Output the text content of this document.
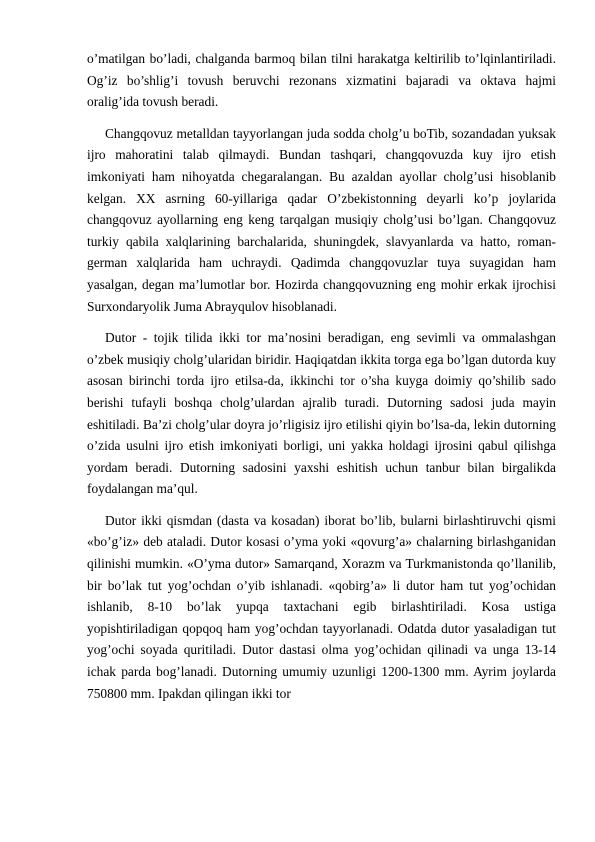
o’matilgan bo’ladi, chalganda barmoq bilan tilni harakatga keltirilib to’lqinlantiriladi. Og’iz bo’shlig’i tovush beruvchi rezonans xizmatini bajaradi va oktava hajmi oralig’ida tovush beradi.

Changqovuz metalldan tayyorlangan juda sodda cholg’u boTib, sozandadan yuksak ijro mahoratini talab qilmaydi. Bundan tashqari, changqovuzda kuy ijro etish imkoniyati ham nihoyatda chegaralangan. Bu azaldan ayollar cholg’usi hisoblanib kelgan. XX asrning 60-yillariga qadar O’zbekistonning deyarli ko’p joylarida changqovuz ayollarning eng keng tarqalgan musiqiy cholg’usi bo’lgan. Changqovuz turkiy qabila xalqlarining barchalarida, shuningdek, slavyanlarda va hatto, roman-german xalqlarida ham uchraydi. Qadimda changqovuzlar tuya suyagidan ham yasalgan, degan ma’lumotlar bor. Hozirda changqovuzning eng mohir erkak ijrochisi Surxondaryolik Juma Abrayqulov hisoblanadi.

Dutor - tojik tilida ikki tor ma’nosini beradigan, eng sevimli va ommalashgan o’zbek musiqiy cholg’ularidan biridir. Haqiqatdan ikkita torga ega bo’lgan dutorda kuy asosan birinchi torda ijro etilsa-da, ikkinchi tor o’sha kuyga doimiy qo’shilib sado berishi tufayli boshqa cholg’ulardan ajralib turadi. Dutorning sadosi juda mayin eshitiladi. Ba’zi cholg’ular doyra jo’rligisiz ijro etilishi qiyin bo’lsa-da, lekin dutorning o’zida usulni ijro etish imkoniyati borligi, uni yakka holdagi ijrosini qabul qilishga yordam beradi. Dutorning sadosini yaxshi eshitish uchun tanbur bilan birgalikda foydalangan ma’qul.

Dutor ikki qismdan (dasta va kosadan) iborat bo’lib, bularni birlashtiruvchi qismi «bo’g’iz» deb ataladi. Dutor kosasi o’yma yoki «qovurg’a» chalarning birlashganidan qilinishi mumkin. «O’yma dutor» Samarqand, Xorazm va Turkmanistonda qo’llanilib, bir bo’lak tut yog’ochdan o’yib ishlanadi. «qobirg’a» li dutor ham tut yog’ochidan ishlanib, 8-10 bo’lak yupqa taxtachani egib birlashtiriladi. Kosa ustiga yopishtiriladigan qopqoq ham yog’ochdan tayyorlanadi. Odatda dutor yasaladigan tut yog’ochi soyada quritiladi. Dutor dastasi olma yog’ochidan qilinadi va unga 13-14 ichak parda bog’lanadi. Dutorning umumiy uzunligi 1200-1300 mm. Ayrim joylarda 750800 mm. Ipakdan qilingan ikki tor
